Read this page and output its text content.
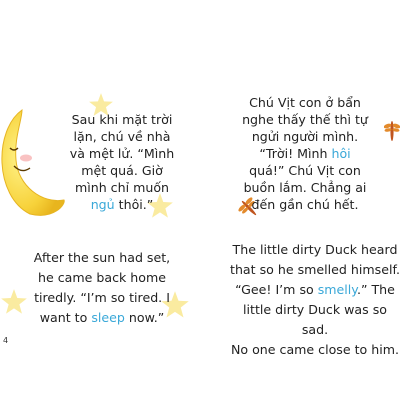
Sau khi mặt trời

lặn, chú về nhà

và mệt lử. “Mình

mệt quá. Giờ

mình chỉ muốn

ngủ thôi.”

After the sun had set,

he came back home

tiredly. “I’m so tired. I

want to sleep now.”

4

Chú Vịt con ở bẩn

nghe thấy thế thì tự

ngửi người mình.

“Trời! Mình hôi

quá!” Chú Vịt con

buồn lắm. Chẳng ai

đến gần chú hết.

The little dirty Duck heard

that so he smelled himself.

“Gee! I’m so smelly.” The

little dirty Duck was so sad.

No one came close to him.
